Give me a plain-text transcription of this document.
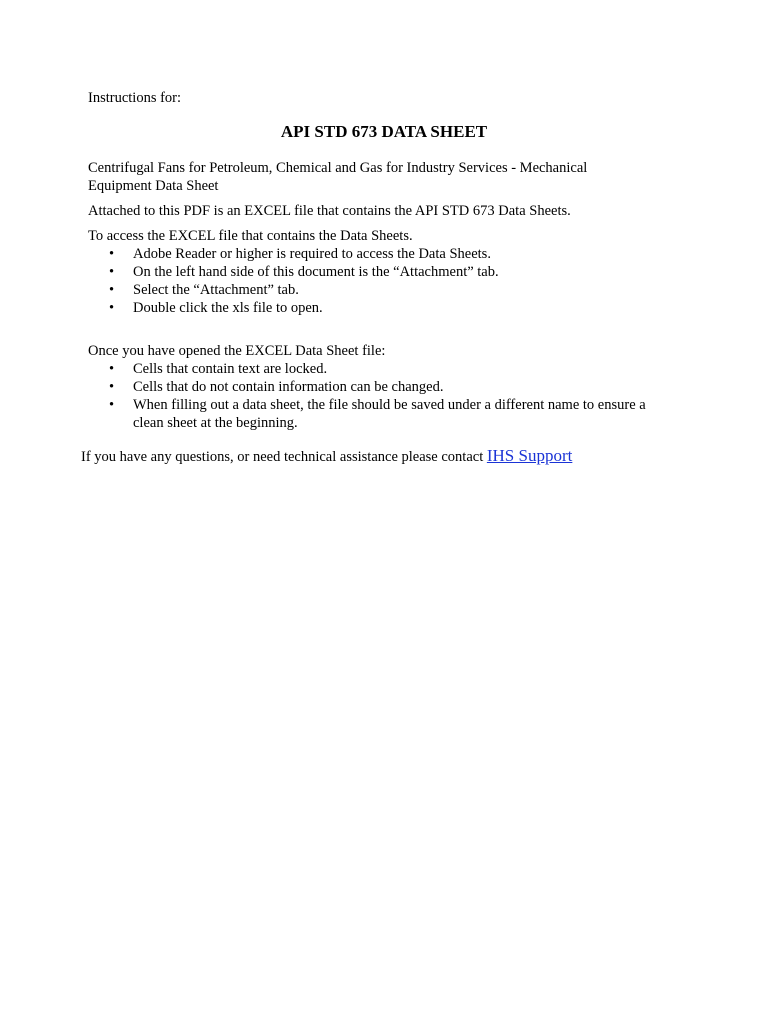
Instructions for:

API STD 673 DATA SHEET

Centrifugal Fans for Petroleum, Chemical and Gas for Industry Services - Mechanical Equipment Data Sheet

Attached to this PDF is an EXCEL file that contains the API STD 673 Data Sheets.

To access the EXCEL file that contains the Data Sheets.

• Adobe Reader or higher is required to access the Data Sheets.
• On the left hand side of this document is the “Attachment” tab.
• Select the “Attachment” tab.
• Double click the xls file to open.

Once you have opened the EXCEL Data Sheet file:

• Cells that contain text are locked.
• Cells that do not contain information can be changed.
• When filling out a data sheet, the file should be saved under a different name to ensure a clean sheet at the beginning.

If you have any questions, or need technical assistance please contact IHS Support
